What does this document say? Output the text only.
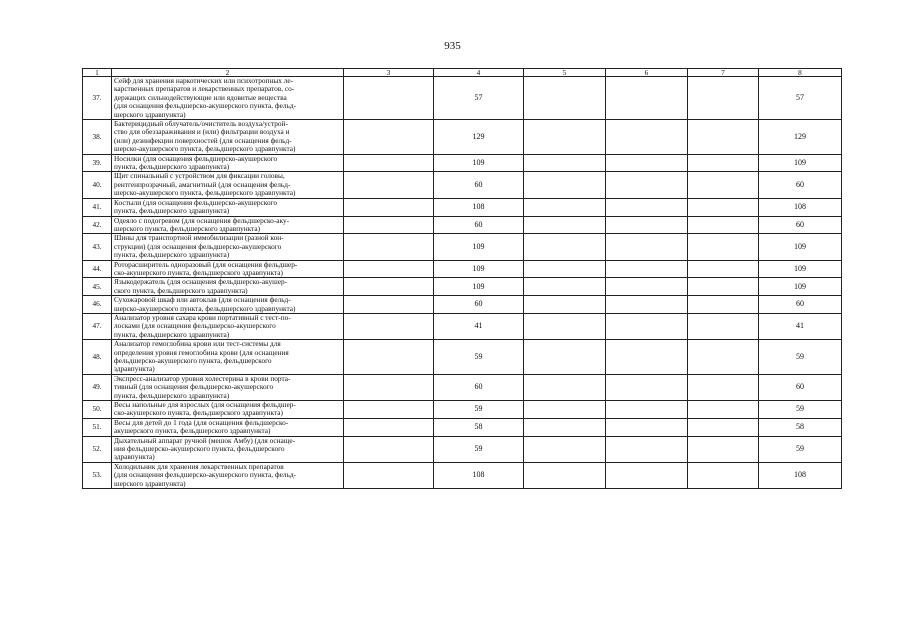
935
1	2	3	4	5	6	7	8
37.	Сейф для хранения наркотических или психотропных ле-
карственных препаратов и лекарственных препаратов, со-
держащих сильнодействующие или ядовитые вещества
(для оснащения фельдшерско-акушерского пункта, фельд-
шерского здравпункта)		57				57
38.	Бактерицидный облучатель/очиститель воздуха/устрой-
ство для обеззараживания и (или) фильтрации воздуха и
(или) дезинфекции поверхностей (для оснащения фельд-
шерско-акушерского пункта, фельдшерского здравпункта)		129				129
39.	Носилки (для оснащения фельдшерско-акушерского
пункта, фельдшерского здравпункта)		109				109
40.	Щит спинальный с устройством для фиксации головы,
рентгенпрозрачный, амагнитный (для оснащения фельд-
шерско-акушерского пункта, фельдшерского здравпункта)		60				60
41.	Костыли (для оснащения фельдшерско-акушерского
пункта, фельдшерского здравпункта)		108				108
42.	Одеяло с подогревом (для оснащения фельдшерско-аку-
шерского пункта, фельдшерского здравпункта)		60				60
43.	Шины для транспортной иммобилизации (разной кон-
струкции) (для оснащения фельдшерско-акушерского
пункта, фельдшерского здравпункта)		109				109
44.	Роторасширитель одноразовый (для оснащения фельдшер-
ско-акушерского пункта, фельдшерского здравпункта)		109				109
45.	Языкодержатель (для оснащения фельдшерско-акушер-
ского пункта, фельдшерского здравпункта)		109				109
46.	Сухожаровой шкаф или автоклав (для оснащения фельд-
шерско-акушерского пункта, фельдшерского здравпункта)		60				60
47.	Анализатор уровня сахара крови портативный с тест-по-
лосками (для оснащения фельдшерско-акушерского
пункта, фельдшерского здравпункта)		41				41
48.	Анализатор гемоглобина крови или тест-системы для
определения уровня гемоглобина крови (для оснащения
фельдшерско-акушерского пункта, фельдшерского
здравпункта)		59				59
49.	Экспресс-анализатор уровня холестерина в крови порта-
тивный (для оснащения фельдшерско-акушерского
пункта, фельдшерского здравпункта)		60				60
50.	Весы напольные для взрослых (для оснащения фельдшер-
ско-акушерского пункта, фельдшерского здравпункта)		59				59
51.	Весы для детей до 1 года (для оснащения фельдшерско-
акушерского пункта, фельдшерского здравпункта)		58				58
52.	Дыхательный аппарат ручной (мешок Амбу) (для оснаще-
ния фельдшерско-акушерского пункта, фельдшерского
здравпункта)		59				59
53.	Холодильник для хранения лекарственных препаратов
(для оснащения фельдшерско-акушерского пункта, фельд-
шерского здравпункта)		108				108
